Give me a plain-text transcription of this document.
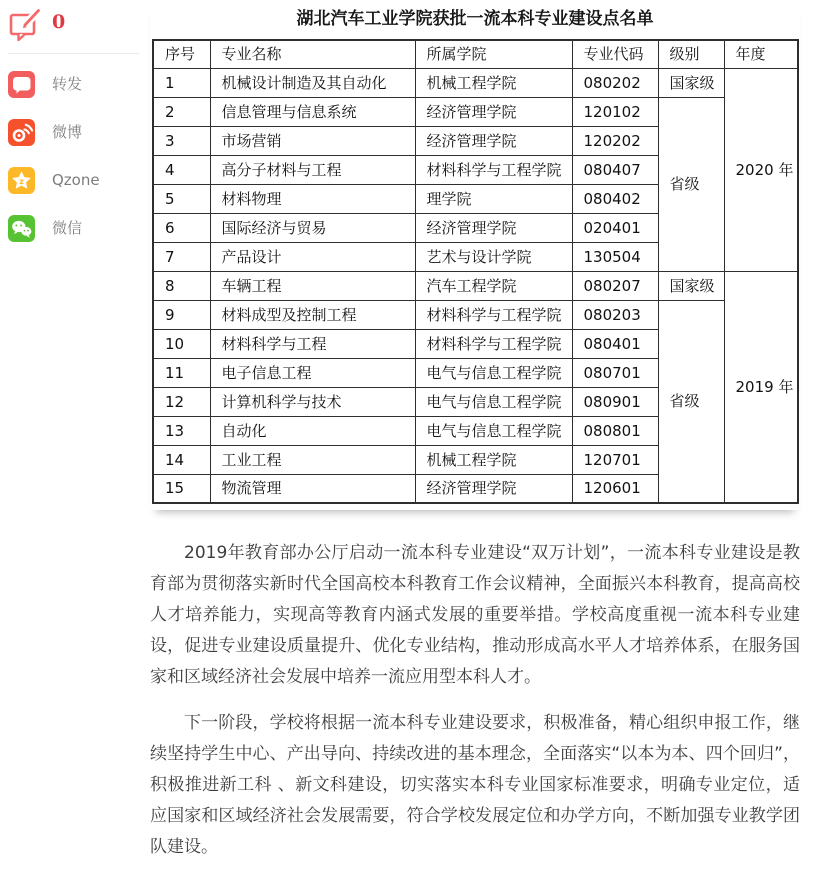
0
转发
微博
z Qzone
微信
湖北汽车工业学院获批一流本科专业建设点名单
序号	专业名称	所属学院	专业代码	级别	年度
1	机械设计制造及其自动化	机械工程学院	080202	国家级	2020 年
2	信息管理与信息系统	经济管理学院	120102	省级	
3	市场营销	经济管理学院	120202		
4	高分子材料与工程	材料科学与工程学院	080407		
5	材料物理	理学院	080402		
6	国际经济与贸易	经济管理学院	020401		
7	产品设计	艺术与设计学院	130504		
8	车辆工程	汽车工程学院	080207	国家级	2019 年
9	材料成型及控制工程	材料科学与工程学院	080203	省级	
10	材料科学与工程	材料科学与工程学院	080401		
11	电子信息工程	电气与信息工程学院	080701		
12	计算机科学与技术	电气与信息工程学院	080901		
13	自动化	电气与信息工程学院	080801		
14	工业工程	机械工程学院	120701		
15	物流管理	经济管理学院	120601		

2019年教育部办公厅启动一流本科专业建设“双万计划”，一流本科专业建设是教育部为贯彻落实新时代全国高校本科教育工作会议精神，全面振兴本科教育，提高高校人才培养能力，实现高等教育内涵式发展的重要举措。学校高度重视一流本科专业建设，促进专业建设质量提升、优化专业结构，推动形成高水平人才培养体系，在服务国家和区域经济社会发展中培养一流应用型本科人才。

下一阶段，学校将根据一流本科专业建设要求，积极准备，精心组织申报工作，继续坚持学生中心、产出导向、持续改进的基本理念，全面落实“以本为本、四个回归”，积极推进新工科 、新文科建设，切实落实本科专业国家标准要求，明确专业定位，适应国家和区域经济社会发展需要，符合学校发展定位和办学方向，不断加强专业教学团队建设。
